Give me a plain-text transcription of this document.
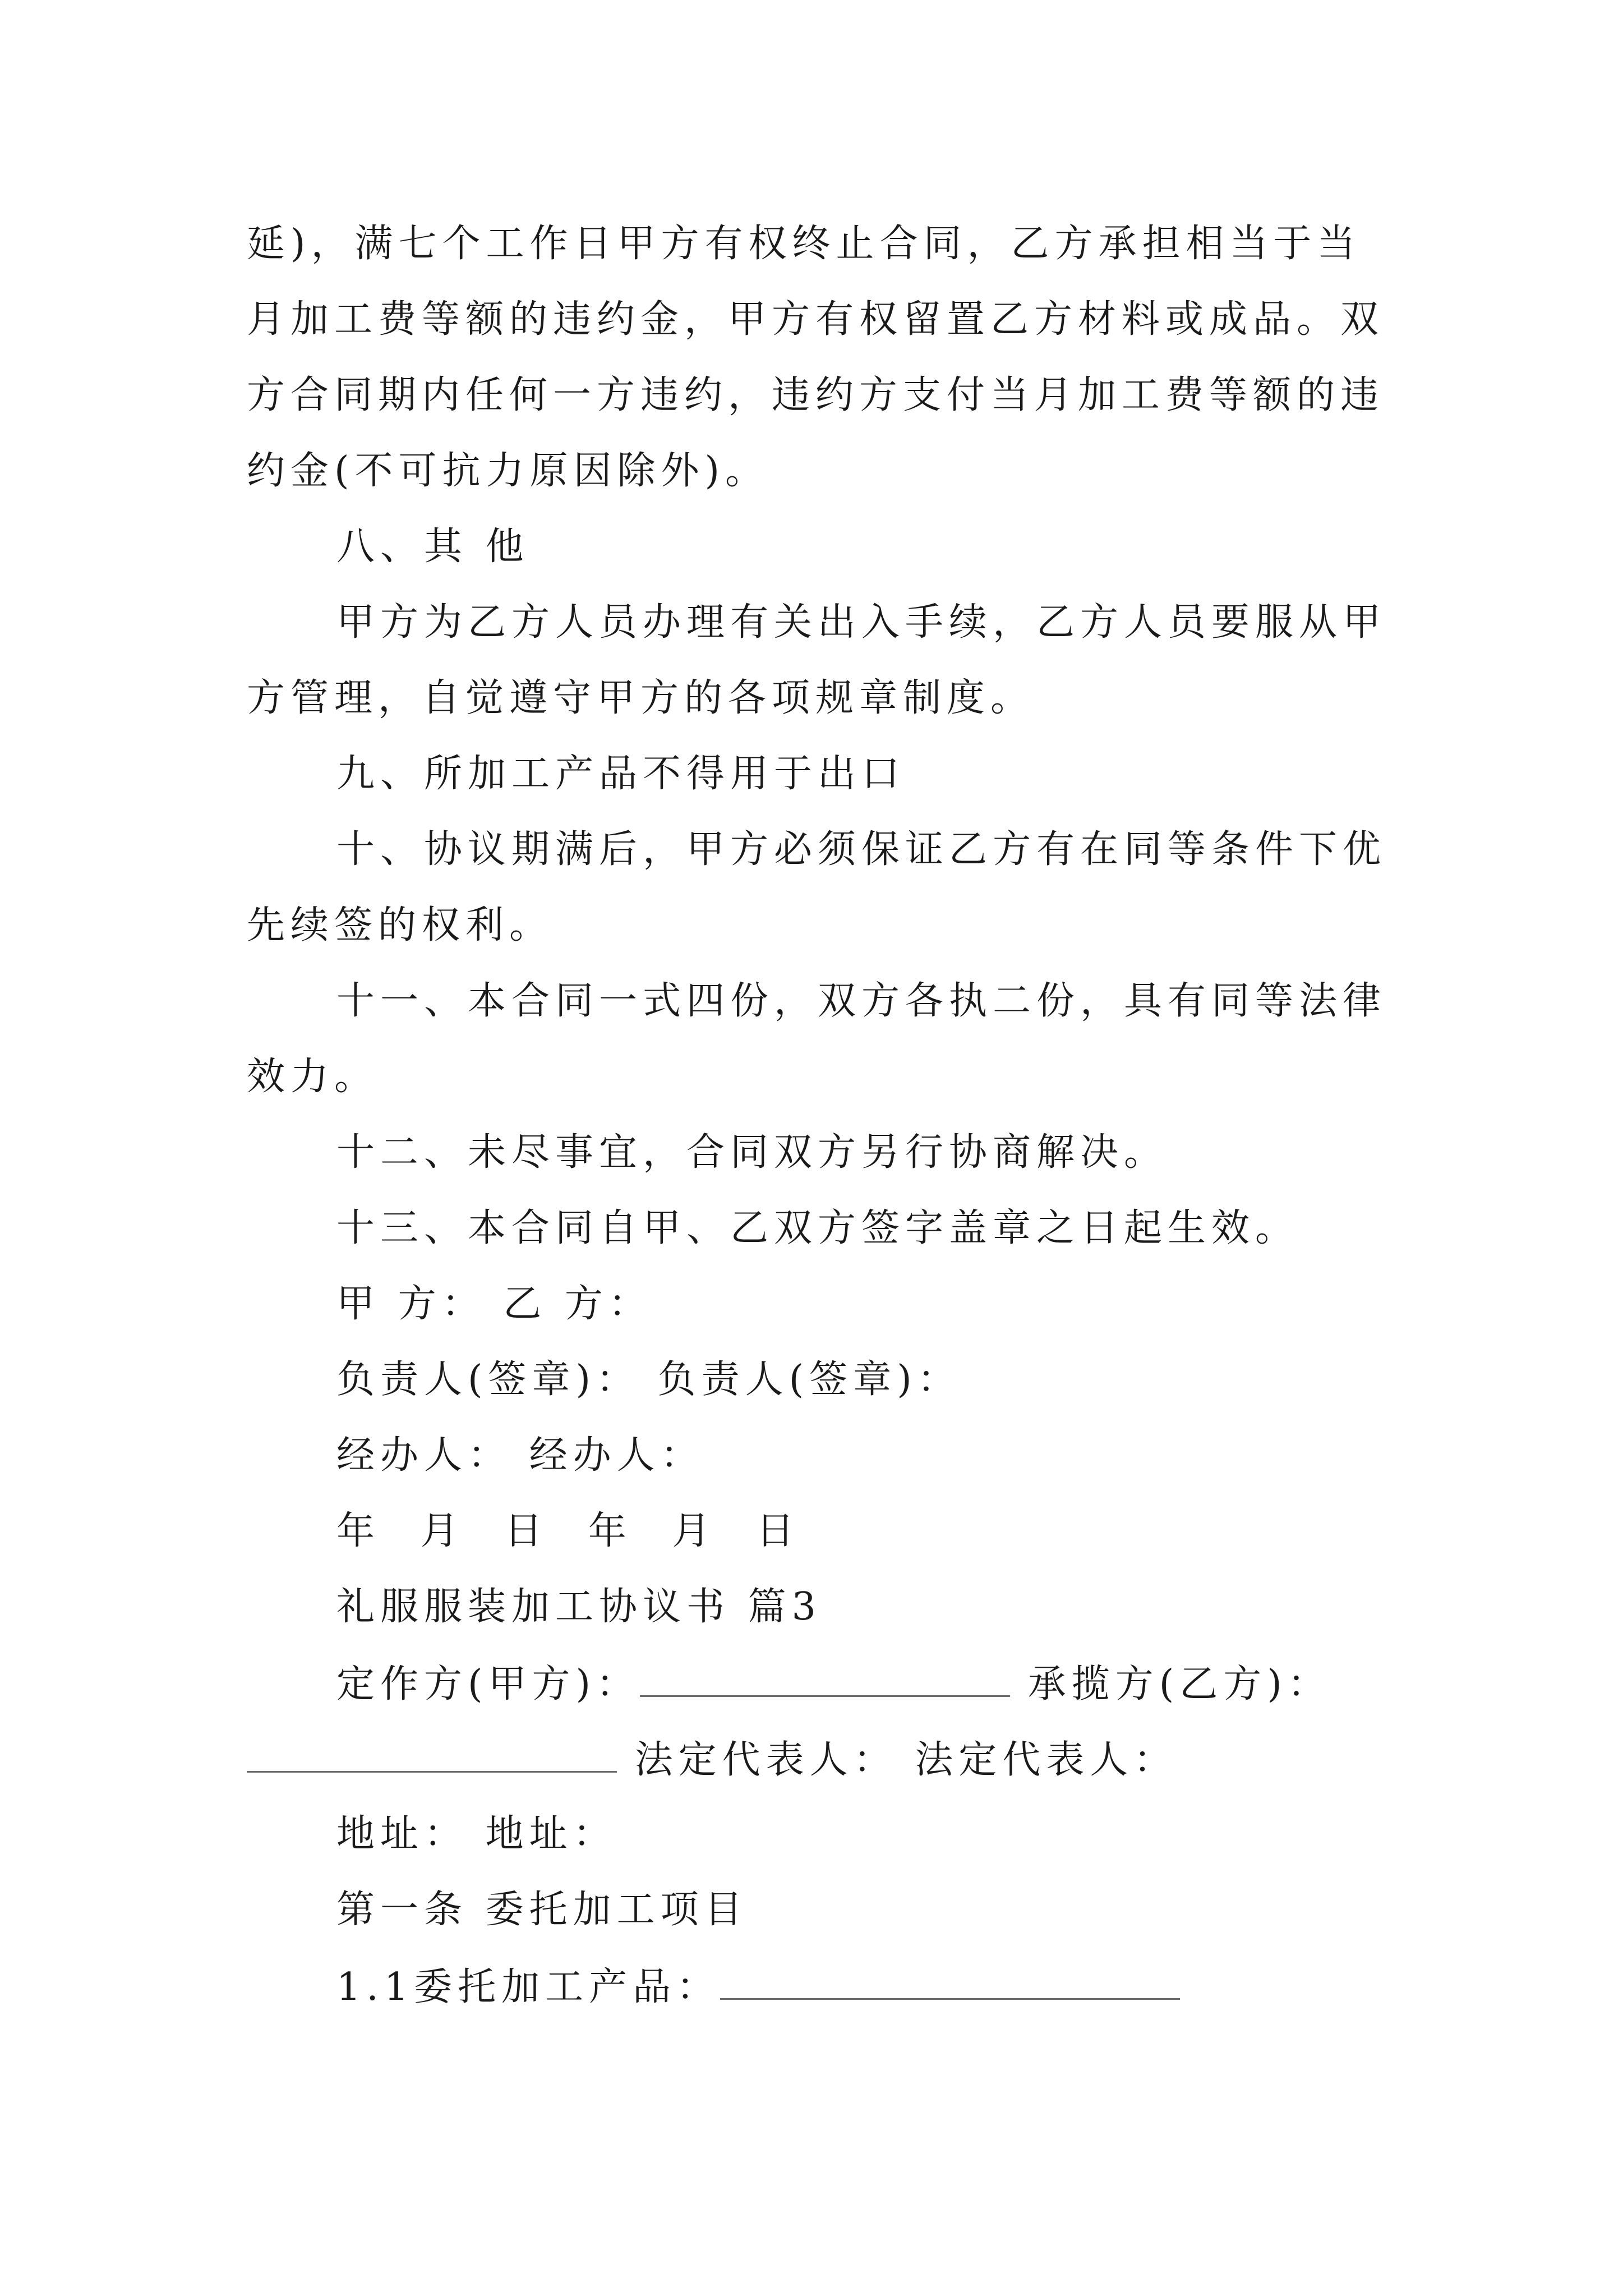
延)，满七个工作日甲方有权终止合同，乙方承担相当于当
月加工费等额的违约金，甲方有权留置乙方材料或成品。双
方合同期内任何一方违约，违约方支付当月加工费等额的违
约金(不可抗力原因除外)。
八、其 他
甲方为乙方人员办理有关出入手续，乙方人员要服从甲
方管理，自觉遵守甲方的各项规章制度。
九、所加工产品不得用于出口
十、协议期满后，甲方必须保证乙方有在同等条件下优
先续签的权利。
十一、本合同一式四份，双方各执二份，具有同等法律
效力。
十二、未尽事宜，合同双方另行协商解决。
十三、本合同自甲、乙双方签字盖章之日起生效。
甲 方： 乙 方：
负责人(签章)： 负责人(签章)：
经办人： 经办人：
年 月 日 年 月 日
礼服服装加工协议书 篇3
定作方(甲方)：	承揽方(乙方)：
法定代表人： 法定代表人：
地址： 地址：
第一条 委托加工项目
1.1委托加工产品：
